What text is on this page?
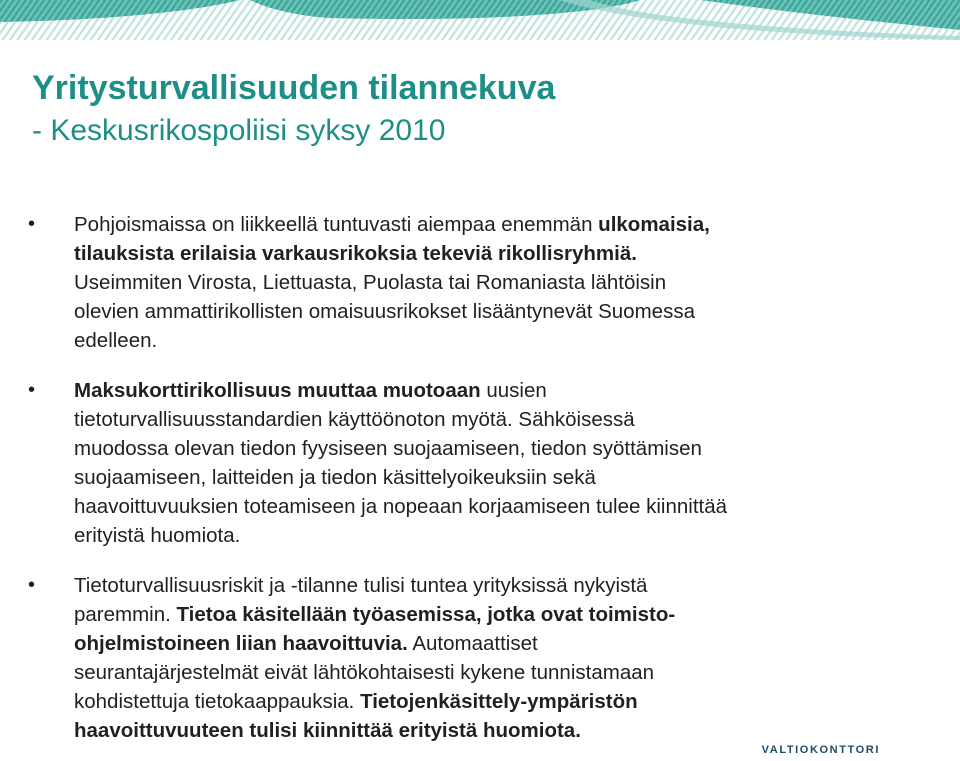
Yritysturvallisuuden tilannekuva
- Keskusrikospoliisi syksy 2010
• Pohjoismaissa on liikkeellä tuntuvasti aiempaa enemmän ulkomaisia,
tilauksista erilaisia varkausrikoksia tekeviä rikollisryhmiä.
Useimmiten Virosta, Liettuasta, Puolasta tai Romaniasta lähtöisin
olevien ammattirikollisten omaisuusrikokset lisääntynevät Suomessa
edelleen.
• Maksukorttirikollisuus muuttaa muotoaan uusien
tietoturvallisuusstandardien käyttöönoton myötä. Sähköisessä
muodossa olevan tiedon fyysiseen suojaamiseen, tiedon syöttämisen
suojaamiseen, laitteiden ja tiedon käsittelyoikeuksiin sekä
haavoittuvuuksien toteamiseen ja nopeaan korjaamiseen tulee kiinnittää
erityistä huomiota.
• Tietoturvallisuusriskit ja -tilanne tulisi tuntea yrityksissä nykyistä
paremmin. Tietoa käsitellään työasemissa, jotka ovat toimisto-
ohjelmistoineen liian haavoittuvia. Automaattiset
seurantajärjestelmät eivät lähtökohtaisesti kykene tunnistamaan
kohdistettuja tietokaappauksia. Tietojenkäsittely-ympäristön
haavoittuvuuteen tulisi kiinnittää erityistä huomiota.
VALTIOKONTTORI
